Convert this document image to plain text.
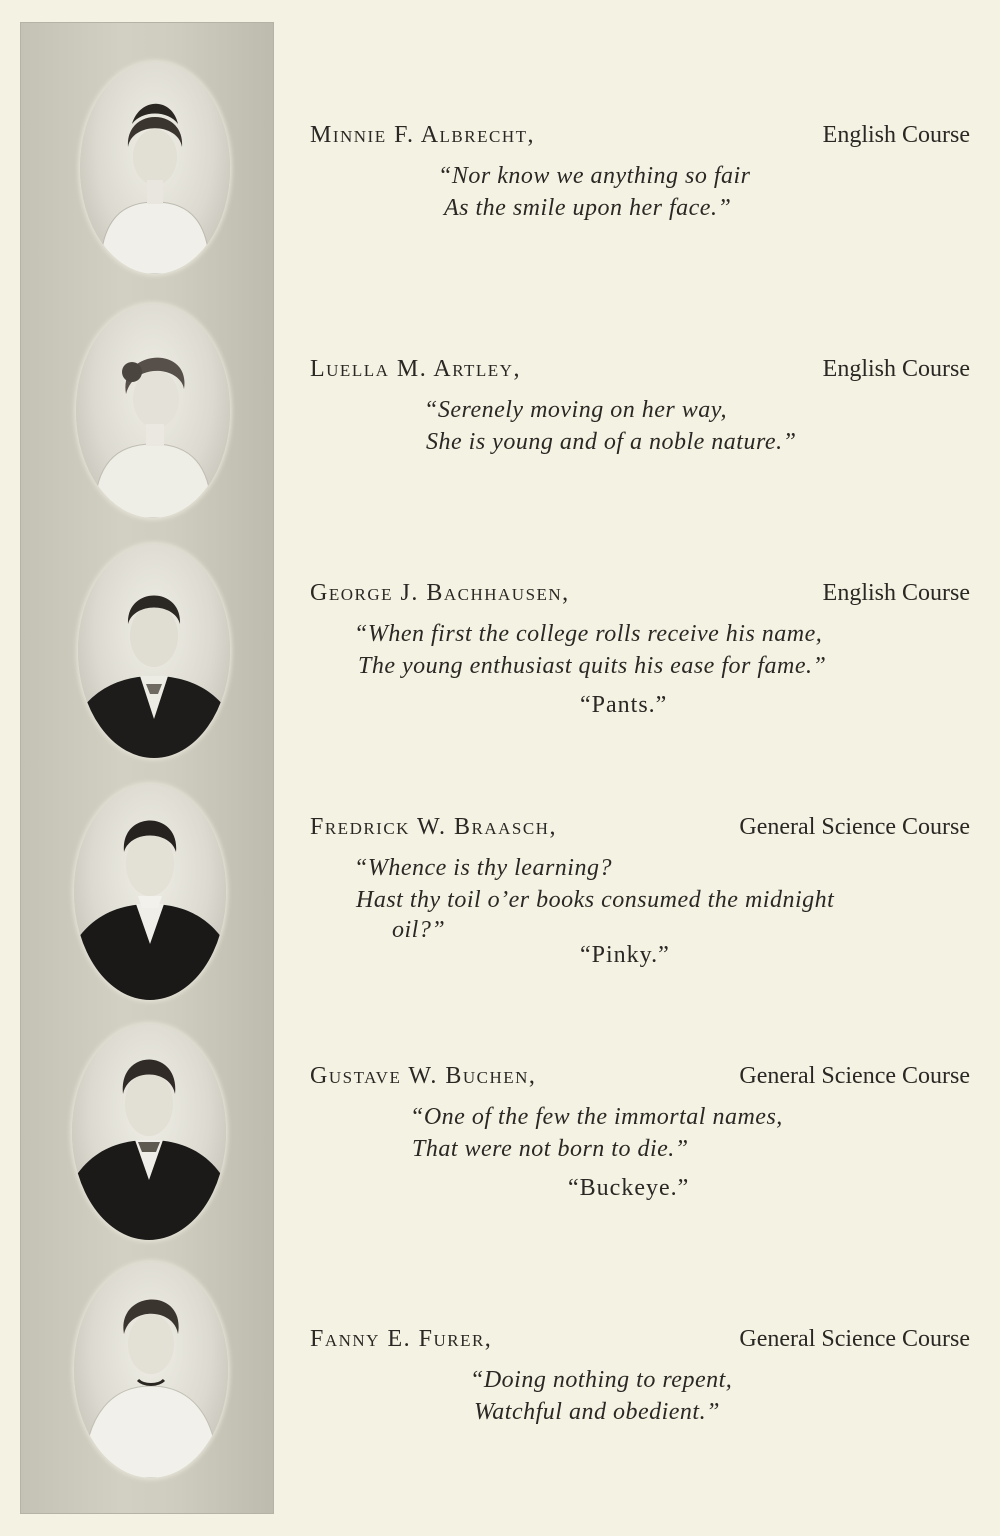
Minnie F. Albrecht,	English Course
“Nor know we anything so fair
As the smile upon her face.”
Luella M. Artley,	English Course
“Serenely moving on her way,
She is young and of a noble nature.”
George J. Bachhausen,	English Course
“When first the college rolls receive his name,
The young enthusiast quits his ease for fame.”
“Pants.”
Fredrick W. Braasch,	General Science Course
“Whence is thy learning?
Hast thy toil o’er books consumed the midnight
oil?”
“Pinky.”
Gustave W. Buchen,	General Science Course
“One of the few the immortal names,
That were not born to die.”
“Buckeye.”
Fanny E. Furer,	General Science Course
“Doing nothing to repent,
Watchful and obedient.”
